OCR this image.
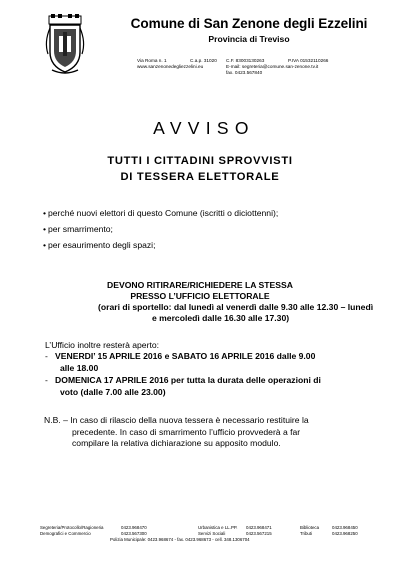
Comune di San Zenone degli Ezzelini
Provincia di Treviso
Via Roma n. 1	C.a.p. 31020 C.F. 83003130263	P.IVA 01532110266
www.sanzenonedegliezzelini.eu	E-mail: segreteria@comune.san-zenone.tv.it
fax. 0423.567840
AVVISO
TUTTI I CITTADINI SPROVVISTI
DI TESSERA ELETTORALE
• perché nuovi elettori di questo Comune (iscritti o diciottenni);
• per smarrimento;
• per esaurimento degli spazi;
DEVONO RITIRARE/RICHIEDERE LA STESSA
PRESSO L’UFFICIO ELETTORALE
(orari di sportello: dal lunedì al venerdì dalle 9.30 alle 12.30 – lunedì
e mercoledì dalle 16.30 alle 17.30)
L’Ufficio inoltre resterà aperto:
- VENERDI’ 15 APRILE 2016 e SABATO 16 APRILE 2016 dalle 9.00
alle 18.00
- DOMENICA 17 APRILE 2016 per tutta la durata delle operazioni di
voto (dalle 7.00 alle 23.00)
N.B. – In caso di rilascio della nuova tessera è necessario restituire la

precedente. In caso di smarrimento l’ufficio provvederà a far
compilare la relativa dichiarazione su apposito modulo.
Segreteria/Protocollo/Ragioneria	0423.968470	Urbanistica e LL.PP. 0423.968471	Biblioteca	0423.968450
Demografici e Commercio	0423.567300	Servizi Sociali	0423.567215	Tributi	0423.968250
Polizia Municipale: 0423.968674 - fax. 0423.968673 - cell. 348.1306704
